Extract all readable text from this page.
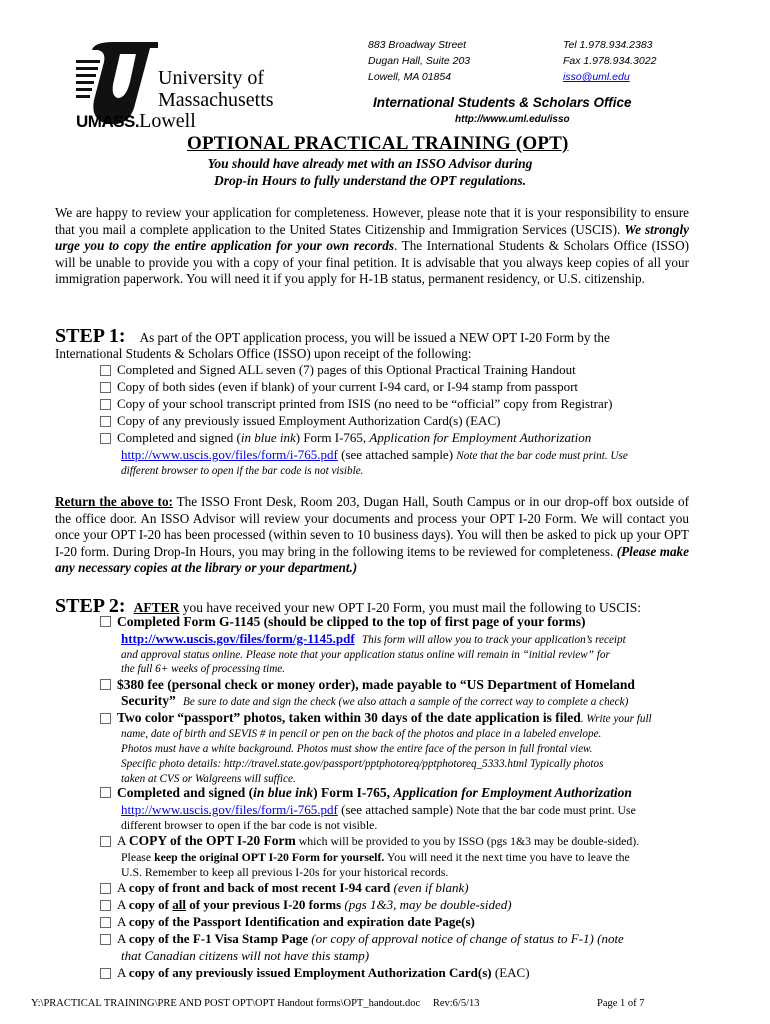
University of
Massachusetts
UMASS.Lowell
883 Broadway Street
Dugan Hall, Suite 203
Lowell, MA 01854
Tel 1.978.934.2383
Fax 1.978.934.3022
isso@uml.edu
International Students & Scholars Office
http://www.uml.edu/isso
OPTIONAL PRACTICAL TRAINING (OPT)
You should have already met with an ISSO Advisor during
Drop-in Hours to fully understand the OPT regulations.
We are happy to review your application for completeness. However, please note that it is your responsibility to ensure that you mail a complete application to the United States Citizenship and Immigration Services (USCIS). We strongly urge you to copy the entire application for your own records. The International Students & Scholars Office (ISSO) will be unable to provide you with a copy of your final petition. It is advisable that you always keep copies of all your immigration paperwork. You will need it if you apply for H-1B status, permanent residency, or U.S. citizenship.
STEP 1: As part of the OPT application process, you will be issued a NEW OPT I-20 Form by the
International Students & Scholars Office (ISSO) upon receipt of the following:
Completed and Signed ALL seven (7) pages of this Optional Practical Training Handout
Copy of both sides (even if blank) of your current I-94 card, or I-94 stamp from passport
Copy of your school transcript printed from ISIS (no need to be “official” copy from Registrar)
Copy of any previously issued Employment Authorization Card(s) (EAC)
Completed and signed (in blue ink) Form I-765, Application for Employment Authorization
http://www.uscis.gov/files/form/i-765.pdf (see attached sample) Note that the bar code must print. Use
different browser to open if the bar code is not visible.
Return the above to: The ISSO Front Desk, Room 203, Dugan Hall, South Campus or in our drop-off box outside of the office door. An ISSO Advisor will review your documents and process your OPT I-20 Form. We will contact you once your OPT I-20 has been processed (within seven to 10 business days). You will then be asked to pick up your OPT I-20 form. During Drop-In Hours, you may bring in the following items to be reviewed for completeness. (Please make any necessary copies at the library or your department.)
STEP 2: AFTER you have received your new OPT I-20 Form, you must mail the following to USCIS:
Completed Form G-1145 (should be clipped to the top of first page of your forms)
http://www.uscis.gov/files/form/g-1145.pdf This form will allow you to track your application’s receipt
and approval status online. Please note that your application status online will remain in “initial review” for
the full 6+ weeks of processing time.
$380 fee (personal check or money order), made payable to “US Department of Homeland
Security” Be sure to date and sign the check (we also attach a sample of the correct way to complete a check)
Two color “passport” photos, taken within 30 days of the date application is filed. Write your full
name, date of birth and SEVIS # in pencil or pen on the back of the photos and place in a labeled envelope.
Photos must have a white background. Photos must show the entire face of the person in full frontal view.
Specific photo details: http://travel.state.gov/passport/pptphotoreq/pptphotoreq_5333.html Typically photos
taken at CVS or Walgreens will suffice.
Completed and signed (in blue ink) Form I-765, Application for Employment Authorization
http://www.uscis.gov/files/form/i-765.pdf (see attached sample) Note that the bar code must print. Use
different browser to open if the bar code is not visible.
A COPY of the OPT I-20 Form which will be provided to you by ISSO (pgs 1&3 may be double-sided).
Please keep the original OPT I-20 Form for yourself. You will need it the next time you have to leave the
U.S. Remember to keep all previous I-20s for your historical records.
A copy of front and back of most recent I-94 card (even if blank)
A copy of all of your previous I-20 forms (pgs 1&3, may be double-sided)
A copy of the Passport Identification and expiration date Page(s)
A copy of the F-1 Visa Stamp Page (or copy of approval notice of change of status to F-1) (note
that Canadian citizens will not have this stamp)
A copy of any previously issued Employment Authorization Card(s) (EAC)
Y:\PRACTICAL TRAINING\PRE AND POST OPT\OPT Handout forms\OPT_handout.doc Rev:6/5/13	Page 1 of 7
